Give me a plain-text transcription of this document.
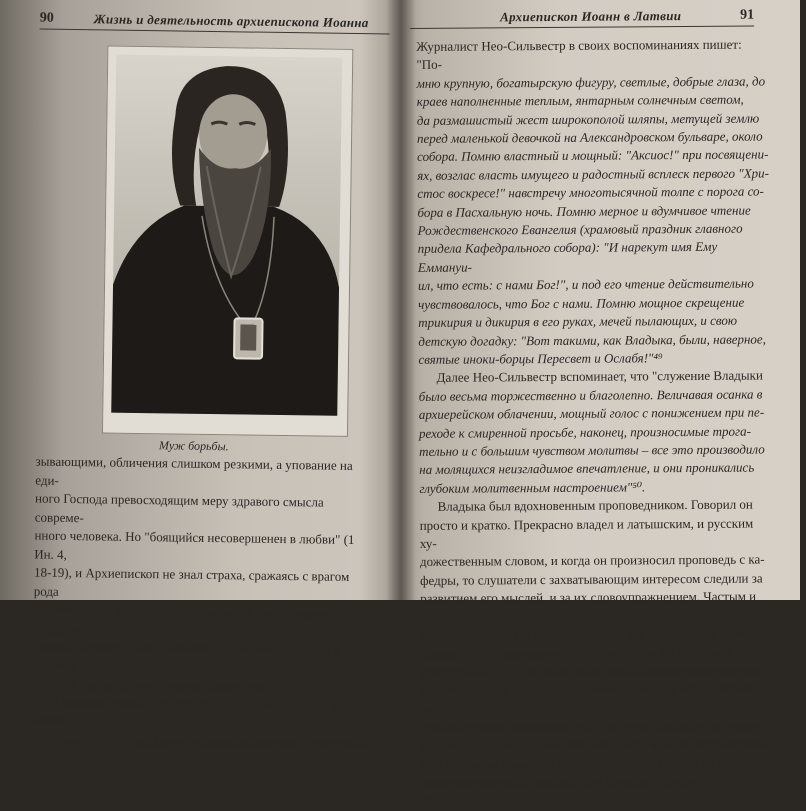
90	Жизнь и деятельность архиепископа Иоанна
Муж борьбы.

зывающими, обличения слишком резкими, а упование на еди-

ного Господа превосходящим меру здравого смысла совреме-

нного человека. Но "боящийся несовершенен в любви" (1 Ин. 4,

18-19), и Архиепископ не знал страха, сражаясь с врагом рода

человеческого до последних мгновений своей жизни. Недаром

святой Патриарх Тихон называл его "мужем борьбы", а простой

русский народ прозвал "новым Златоустом".

В иерархе слились русская богословская культура и наблю-

дательность с латышскими трудоспособностью и упорством

Архиепископ Иоанн в Латвии	91

Журналист Нео-Сильвестр в своих воспоминаниях пишет: "По-

мню крупную, богатырскую фигуру, светлые, добрые глаза, до

краев наполненные теплым, янтарным солнечным светом,

да размашистый жест широкополой шляпы, метущей землю

перед маленькой девочкой на Александровском бульваре, около

собора. Помню властный и мощный: "Аксиос!" при посвящени-

ях, возглас власть имущего и радостный всплеск первого "Хри-

стос воскресе!" навстречу многотысячной толпе с порога со-

бора в Пасхальную ночь. Помню мерное и вдумчивое чтение

Рождественского Евангелия (храмовый праздник главного

придела Кафедрального собора): "И нарекут имя Ему Еммануи-

ил, что есть: с нами Бог!", и под его чтение действительно

чувствовалось, что Бог с нами. Помню мощное скрещение

трикирия и дикирия в его руках, мечей пылающих, и свою

детскую догадку: "Вот такими, как Владыка, были, наверное,

святые иноки-борцы Пересвет и Ослабя!"⁴⁹

Далее Нео-Сильвестр вспоминает, что "служение Владыки

было весьма торжественно и благолепно. Величавая осанка в

архиерейском облачении, мощный голос с понижением при пе-

реходе к смиренной просьбе, наконец, произносимые трога-

тельно и с большим чувством молитвы – все это производило

на молящихся неизгладимое впечатление, и они проникались

глубоким молитвенным настроением"⁵⁰.

Владыка был вдохновенным проповедником. Говорил он

просто и кратко. Прекрасно владел и латышским, и русским ху-

дожественным словом, и когда он произносил проповедь с ка-

федры, то слушатели с захватывающим интересом следили за

развитием его мыслей, и за их словоупражнением. Частым и лю-

бимым мотивом его проповедей был так называемый "фронт

правды". Это оригинальное выражение им же впервые и было

употреблено. Для Владыки было очень характерно неудержи-

мое стремление к правде и искание ее. Всякая обида, всякая не-

правда глубоко возмущали его, и он готов был идти на подвиг

и на жертву, чтобы только показать миру всю мерзость содеян-

ной неправды и вызвать мир на осознание греха и на исправ-

ление допущенной ошибки. Сам Владыка говорил о себе: "Борь-
